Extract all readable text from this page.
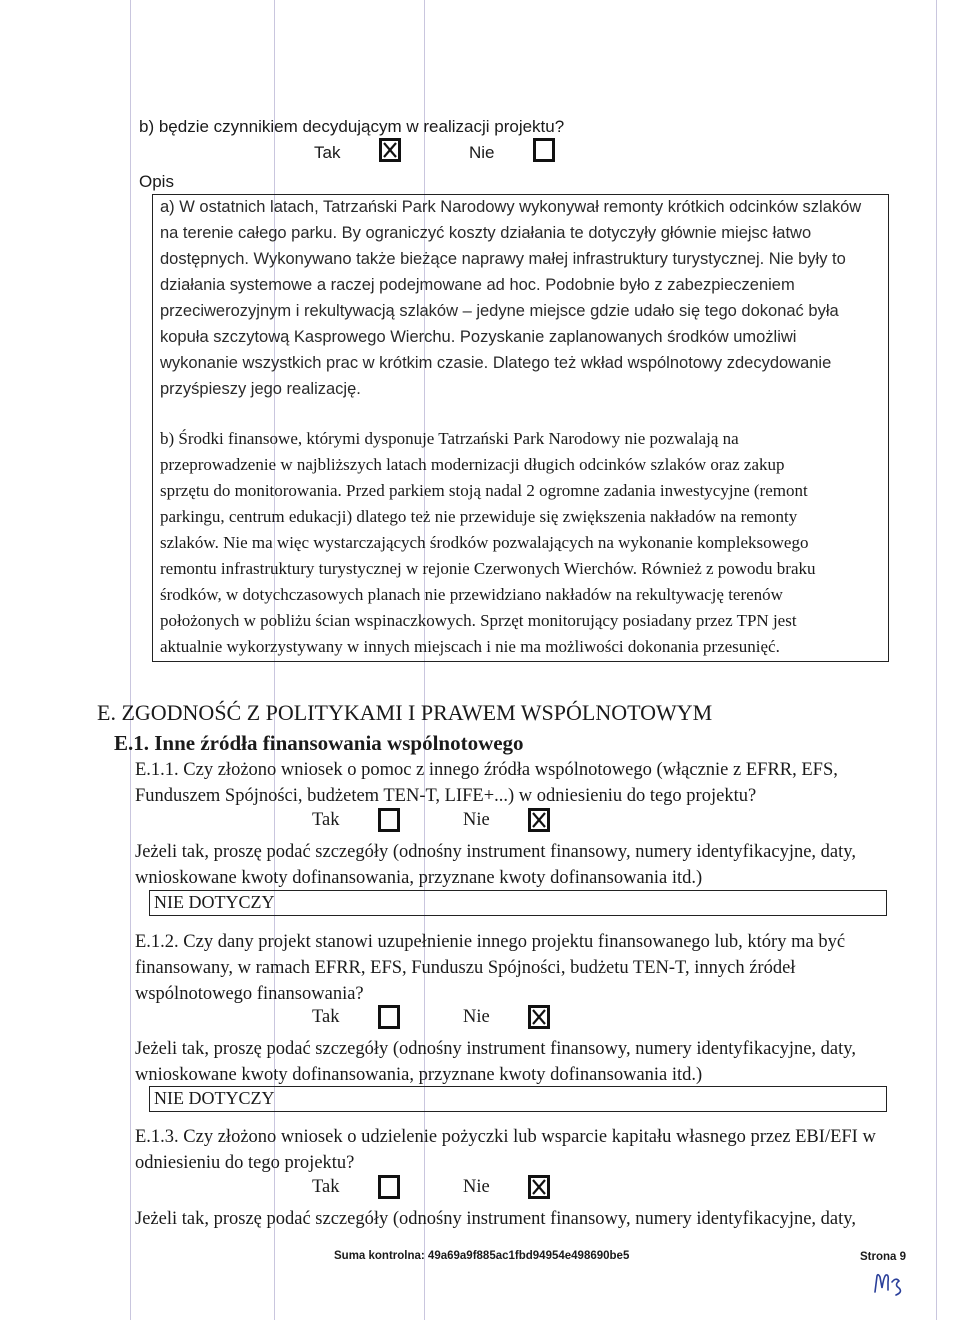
b) będzie czynnikiem decydującym w realizacji projektu?
Tak	Nie
Opis
a) W ostatnich latach, Tatrzański Park Narodowy wykonywał remonty krótkich odcinków szlaków
na terenie całego parku. By ograniczyć koszty działania te dotyczyły głównie miejsc łatwo
dostępnych. Wykonywano także bieżące naprawy małej infrastruktury turystycznej. Nie były to
działania systemowe a raczej podejmowane ad hoc. Podobnie było z zabezpieczeniem
przeciwerozyjnym i rekultywacją szlaków – jedyne miejsce gdzie udało się tego dokonać była
kopuła szczytową Kasprowego Wierchu. Pozyskanie zaplanowanych środków umożliwi
wykonanie wszystkich prac w krótkim czasie. Dlatego też wkład wspólnotowy zdecydowanie
przyśpieszy jego realizację.
b) Środki finansowe, którymi dysponuje Tatrzański Park Narodowy nie pozwalają na
przeprowadzenie w najbliższych latach modernizacji długich odcinków szlaków oraz zakup
sprzętu do monitorowania. Przed parkiem stoją nadal 2 ogromne zadania inwestycyjne (remont
parkingu, centrum edukacji) dlatego też nie przewiduje się zwiększenia nakładów na remonty
szlaków. Nie ma więc wystarczających środków pozwalających na wykonanie kompleksowego
remontu infrastruktury turystycznej w rejonie Czerwonych Wierchów. Również z powodu braku
środków, w dotychczasowych planach nie przewidziano nakładów na rekultywację terenów
położonych w pobliżu ścian wspinaczkowych. Sprzęt monitorujący posiadany przez TPN jest
aktualnie wykorzystywany w innych miejscach i nie ma możliwości dokonania przesunięć.
E. ZGODNOŚĆ Z POLITYKAMI I PRAWEM WSPÓLNOTOWYM
E.1. Inne źródła finansowania wspólnotowego
E.1.1. Czy złożono wniosek o pomoc z innego źródła wspólnotowego (włącznie z EFRR, EFS,
Funduszem Spójności, budżetem TEN-T, LIFE+...) w odniesieniu do tego projektu?
Tak	Nie
Jeżeli tak, proszę podać szczegóły (odnośny instrument finansowy, numery identyfikacyjne, daty,
wnioskowane kwoty dofinansowania, przyznane kwoty dofinansowania itd.)
NIE DOTYCZY
E.1.2. Czy dany projekt stanowi uzupełnienie innego projektu finansowanego lub, który ma być
finansowany, w ramach EFRR, EFS, Funduszu Spójności, budżetu TEN-T, innych źródeł
wspólnotowego finansowania?
Tak	Nie
Jeżeli tak, proszę podać szczegóły (odnośny instrument finansowy, numery identyfikacyjne, daty,
wnioskowane kwoty dofinansowania, przyznane kwoty dofinansowania itd.)
NIE DOTYCZY
E.1.3. Czy złożono wniosek o udzielenie pożyczki lub wsparcie kapitału własnego przez EBI/EFI w
odniesieniu do tego projektu?
Tak	Nie
Jeżeli tak, proszę podać szczegóły (odnośny instrument finansowy, numery identyfikacyjne, daty,
Suma kontrolna: 49a69a9f885ac1fbd94954e498690be5	Strona 9
